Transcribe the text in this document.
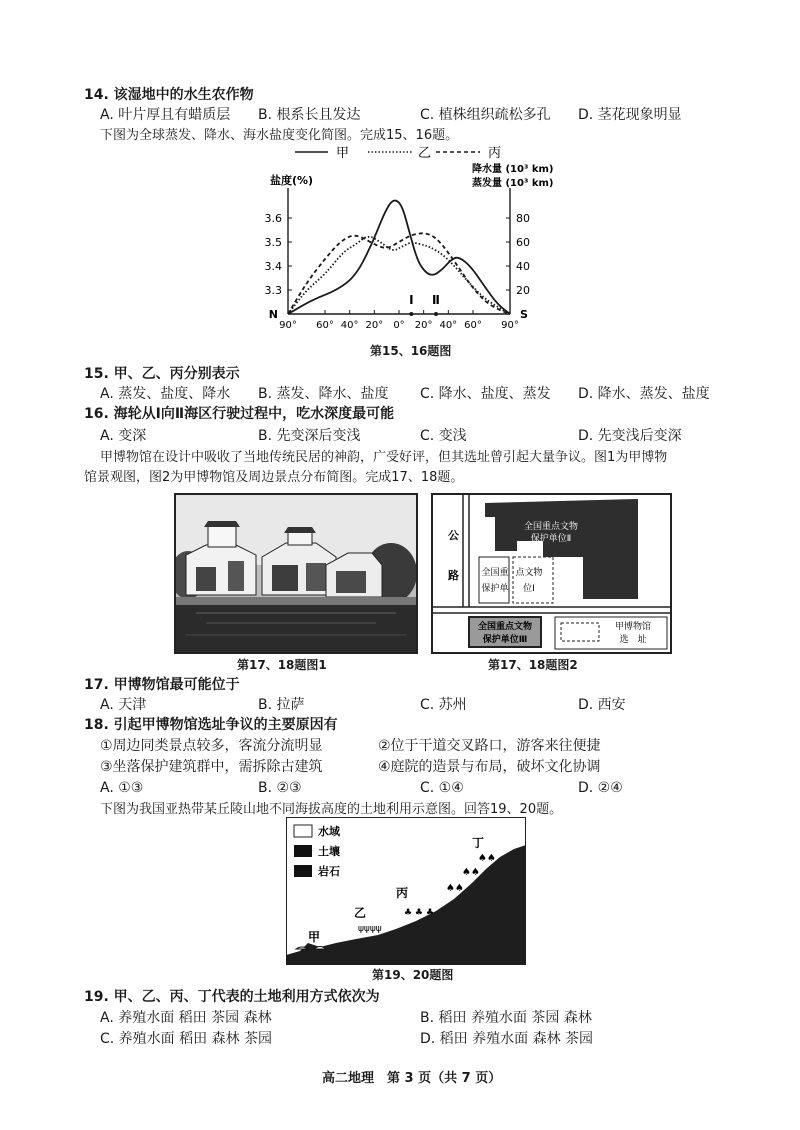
14. 该湿地中的水生农作物
A. 叶片厚且有蜡质层 B. 根系长且发达	C. 植株组织疏松多孔 D. 茎花现象明显
下图为全球蒸发、降水、海水盐度变化简图。完成15、16题。
甲	乙	丙
盐度(%)
降水量 (10³ km)
蒸发量 (10³ km)
3.3
3.4
3.5
3.6
20
40
60
80
90° 60° 40° 20° 0° 20° 40° 60° 90°
N	S
Ⅰ Ⅱ
第15、16题图
15. 甲、乙、丙分别表示
A. 蒸发、盐度、降水 B. 蒸发、降水、盐度 C. 降水、盐度、蒸发 D. 降水、蒸发、盐度
16. 海轮从Ⅰ向Ⅱ海区行驶过程中，吃水深度最可能
A. 变深	B. 先变深后变浅	C. 变浅	D. 先变浅后变深
甲博物馆在设计中吸收了当地传统民居的神韵，广受好评，但其选址曾引起大量争议。图1为甲博物
馆景观图，图2为甲博物馆及周边景点分布简图。完成17、18题。
第17、18题图1
公
路
全国重点文物
保护单位Ⅱ
全国重 点文物
保护单 位Ⅰ
全国重点文物
保护单位Ⅲ
甲博物馆
选　址
第17、18题图2
17. 甲博物馆最可能位于
A. 天津	B. 拉萨	C. 苏州	D. 西安
18. 引起甲博物馆选址争议的主要原因有
①周边同类景点较多，客流分流明显	②位于干道交叉路口，游客来往便捷
③坐落保护建筑群中，需拆除古建筑	④庭院的造景与布局，破坏文化协调
A. ①③	B. ②③	C. ①④	D. ②④
下图为我国亚热带某丘陵山地不同海拔高度的土地利用示意图。回答19、20题。
水域
土壤
岩石
甲
ψψψψ
乙	♣ ♣ ♣
丙	♠♠
♠♠
♠♠
丁
第19、20题图
19. 甲、乙、丙、丁代表的土地利用方式依次为
A. 养殖水面 稻田 茶园 森林	B. 稻田 养殖水面 茶园 森林
C. 养殖水面 稻田 森林 茶园	D. 稻田 养殖水面 森林 茶园
高二地理　第 3 页（共 7 页）
